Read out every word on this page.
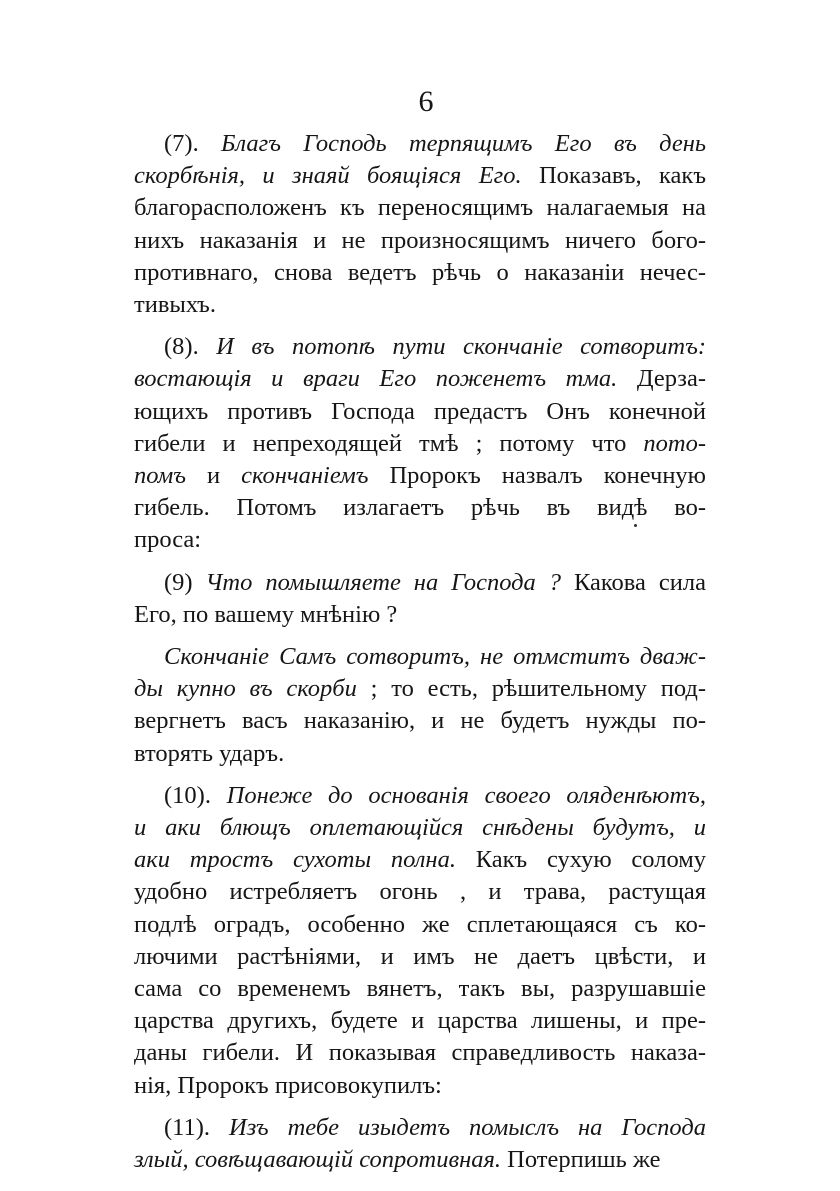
6

(7). Благъ Господь терпящимъ Его въ день
скорбѣнія, и знаяй боящіяся Его. Показавъ, какъ
благорасположенъ къ переносящимъ налагаемыя на
нихъ наказанія и не произносящимъ ничего бого-
противнаго, снова ведетъ рѣчь о наказаніи нечес-
тивыхъ.

(8). И въ потопѣ пути скончаніе сотворитъ:
востающія и враги Его поженетъ тма. Дерза-
ющихъ противъ Господа предастъ Онъ конечной
гибели и непреходящей тмѣ ; потому что пото-
помъ и скончаніемъ Пророкъ назвалъ конечную
гибель. Потомъ излагаетъ рѣчь въ видѣ во-
проса:

(9) Что помышляете на Господа ? Какова сила
Его, по вашему мнѣнію ?

Скончаніе Самъ сотворитъ, не отмститъ дваж-
ды купно въ скорби ; то есть, рѣшительному под-
вергнетъ васъ наказанію, и не будетъ нужды по-
вторять ударъ.

(10). Понеже до основанія своего оляденѣютъ,
и аки блющъ оплетающійся снѣдены будутъ, и
аки тростъ сухоты полна. Какъ сухую солому
удобно истребляетъ огонь , и трава, растущая
подлѣ оградъ, особенно же сплетающаяся съ ко-
лючими растѣніями, и имъ не даетъ цвѣсти, и
сама со временемъ вянетъ, такъ вы, разрушавшіе
царства другихъ, будете и царства лишены, и пре-
даны гибели. И показывая справедливость наказа-
нія, Пророкъ присовокупилъ:

(11). Изъ тебе изыдетъ помыслъ на Господа
злый, совѣщавающій сопротивная. Потерпишь же
